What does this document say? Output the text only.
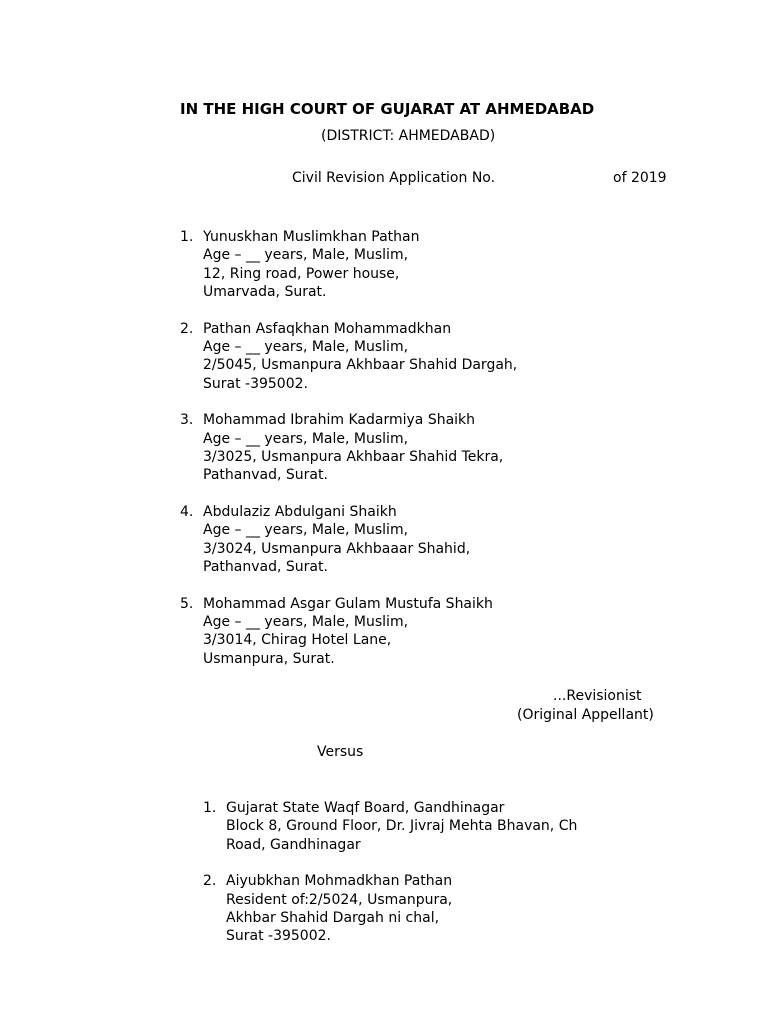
IN THE HIGH COURT OF GUJARAT AT AHMEDABAD
(DISTRICT: AHMEDABAD)
Civil Revision Application No.	of 2019
1. Yunuskhan Muslimkhan Pathan
Age – __ years, Male, Muslim,
12, Ring road, Power house,
Umarvada, Surat.
2. Pathan Asfaqkhan Mohammadkhan
Age – __ years, Male, Muslim,
2/5045, Usmanpura Akhbaar Shahid Dargah,
Surat -395002.
3. Mohammad Ibrahim Kadarmiya Shaikh
Age – __ years, Male, Muslim,
3/3025, Usmanpura Akhbaar Shahid Tekra,
Pathanvad, Surat.
4. Abdulaziz Abdulgani Shaikh
Age – __ years, Male, Muslim,
3/3024, Usmanpura Akhbaaar Shahid,
Pathanvad, Surat.
5. Mohammad Asgar Gulam Mustufa Shaikh
Age – __ years, Male, Muslim,
3/3014, Chirag Hotel Lane,
Usmanpura, Surat.
...Revisionist
(Original Appellant)
Versus
1. Gujarat State Waqf Board, Gandhinagar
Block 8, Ground Floor, Dr. Jivraj Mehta Bhavan, Ch
Road, Gandhinagar
2. Aiyubkhan Mohmadkhan Pathan
Resident of:2/5024, Usmanpura,
Akhbar Shahid Dargah ni chal,
Surat -395002.
